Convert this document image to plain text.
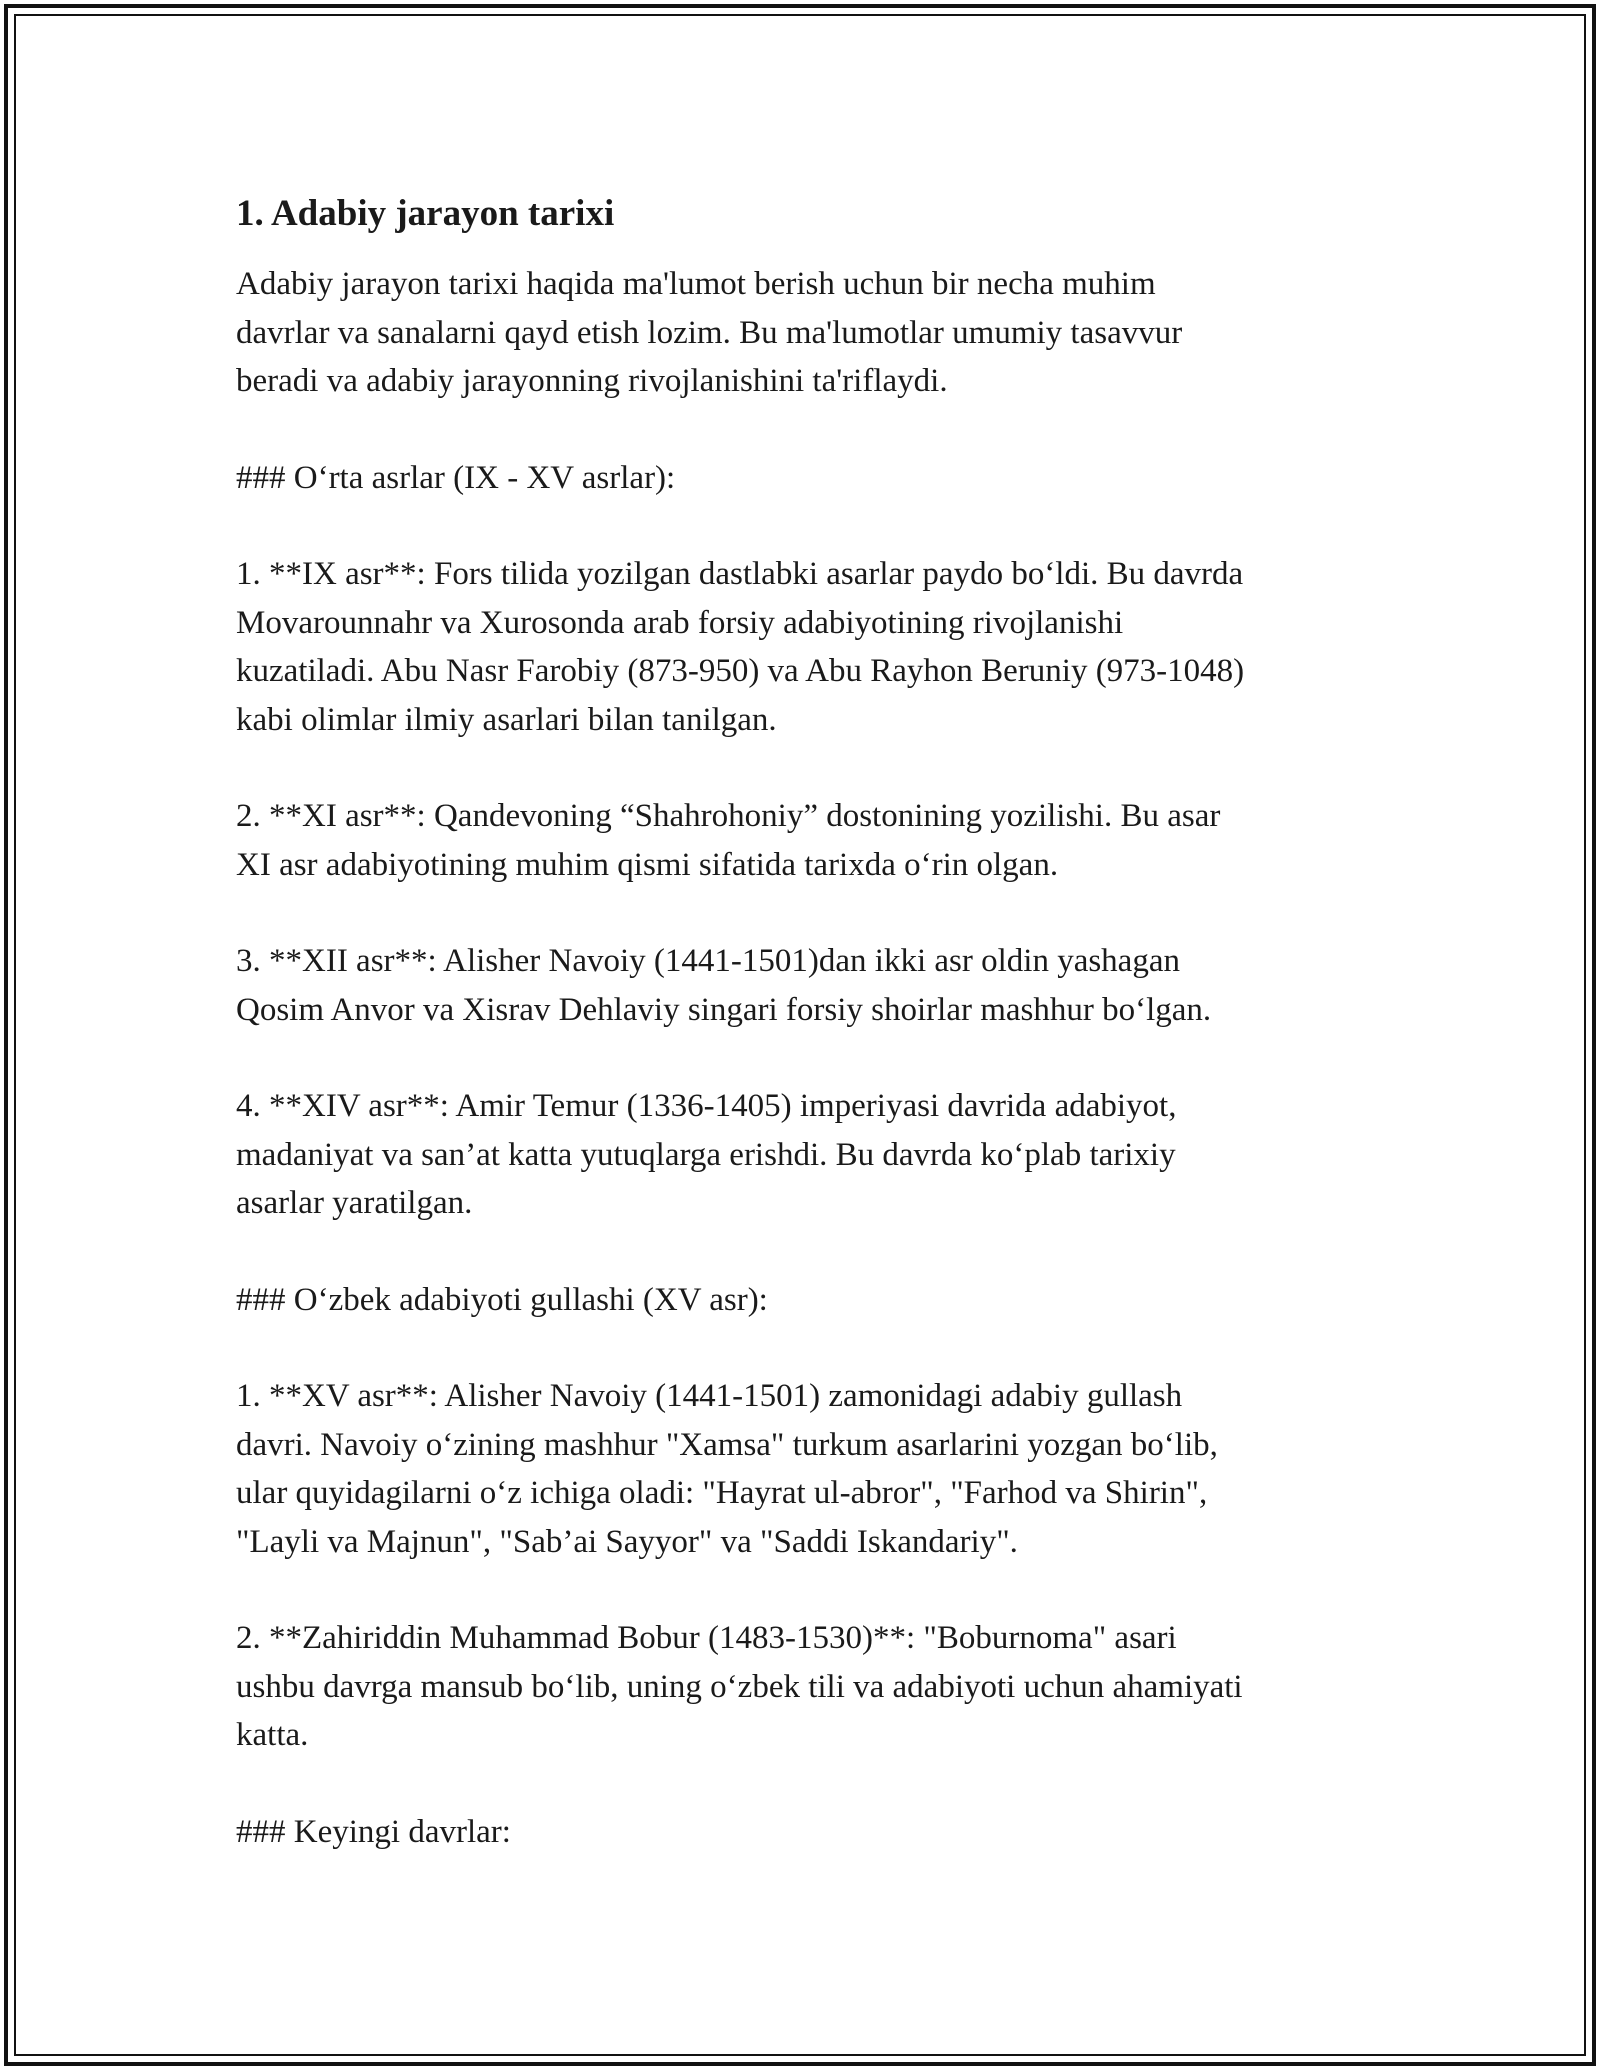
1. Adabiy jarayon tarixi

Adabiy jarayon tarixi haqida ma'lumot berish uchun bir necha muhim
davrlar va sanalarni qayd etish lozim. Bu ma'lumotlar umumiy tasavvur
beradi va adabiy jarayonning rivojlanishini ta'riflaydi.

### O‘rta asrlar (IX - XV asrlar):

1. **IX asr**: Fors tilida yozilgan dastlabki asarlar paydo bo‘ldi. Bu davrda
Movarounnahr va Xurosonda arab forsiy adabiyotining rivojlanishi
kuzatiladi. Abu Nasr Farobiy (873-950) va Abu Rayhon Beruniy (973-1048)
kabi olimlar ilmiy asarlari bilan tanilgan.

2. **XI asr**: Qandevoning “Shahrohoniy” dostonining yozilishi. Bu asar
XI asr adabiyotining muhim qismi sifatida tarixda o‘rin olgan.

3. **XII asr**: Alisher Navoiy (1441-1501)dan ikki asr oldin yashagan
Qosim Anvor va Xisrav Dehlaviy singari forsiy shoirlar mashhur bo‘lgan.

4. **XIV asr**: Amir Temur (1336-1405) imperiyasi davrida adabiyot,
madaniyat va san’at katta yutuqlarga erishdi. Bu davrda ko‘plab tarixiy
asarlar yaratilgan.

### O‘zbek adabiyoti gullashi (XV asr):

1. **XV asr**: Alisher Navoiy (1441-1501) zamonidagi adabiy gullash
davri. Navoiy o‘zining mashhur "Xamsa" turkum asarlarini yozgan bo‘lib,
ular quyidagilarni o‘z ichiga oladi: "Hayrat ul-abror", "Farhod va Shirin",
"Layli va Majnun", "Sab’ai Sayyor" va "Saddi Iskandariy".

2. **Zahiriddin Muhammad Bobur (1483-1530)**: "Boburnoma" asari
ushbu davrga mansub bo‘lib, uning o‘zbek tili va adabiyoti uchun ahamiyati
katta.

### Keyingi davrlar:
